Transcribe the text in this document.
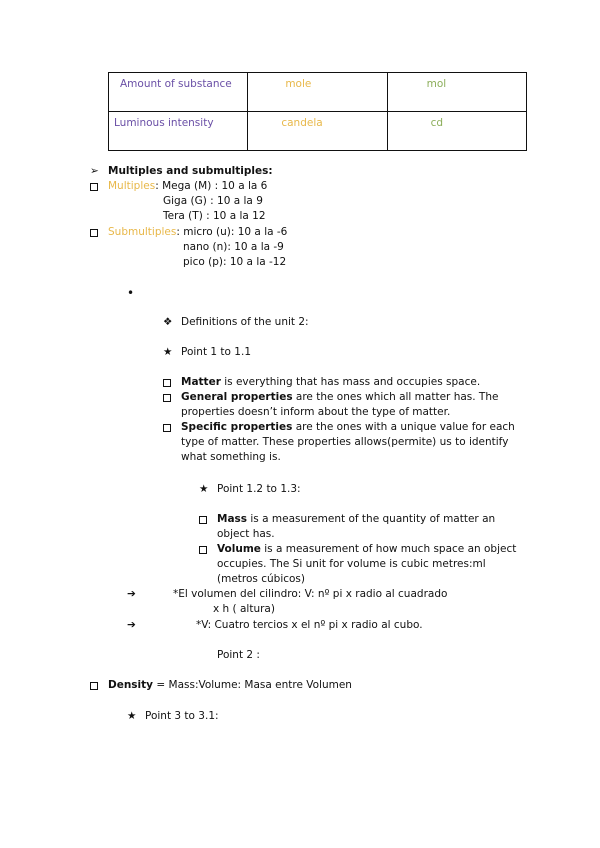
Amount of substance	mole	mol
Luminous intensity	candela	cd
➢ Multiples and submultiples:
Multiples: Mega (M) : 10 a la 6
Giga (G) : 10 a la 9
Tera (T) : 10 a la 12
Submultiples: micro (u): 10 a la -6
nano (n): 10 a la -9
pico (p): 10 a la -12
•
❖ Definitions of the unit 2:
★ Point 1 to 1.1
Matter is everything that has mass and occupies space.
General properties are the ones which all matter has. The properties doesn’t inform about the type of matter.
Specific properties are the ones with a unique value for each type of matter. These properties allows(permite) us to identify what something is.
★ Point 1.2 to 1.3:
Mass is a measurement of the quantity of matter an object has.
Volume is a measurement of how much space an object occupies. The Si unit for volume is cubic metres:ml (metros cúbicos)
➔	*El volumen del cilindro: V: nº pi x radio al cuadrado
x h ( altura)
➔	*V: Cuatro tercios x el nº pi x radio al cubo.
Point 2 :
Density = Mass:Volume: Masa entre Volumen
★ Point 3 to 3.1:
